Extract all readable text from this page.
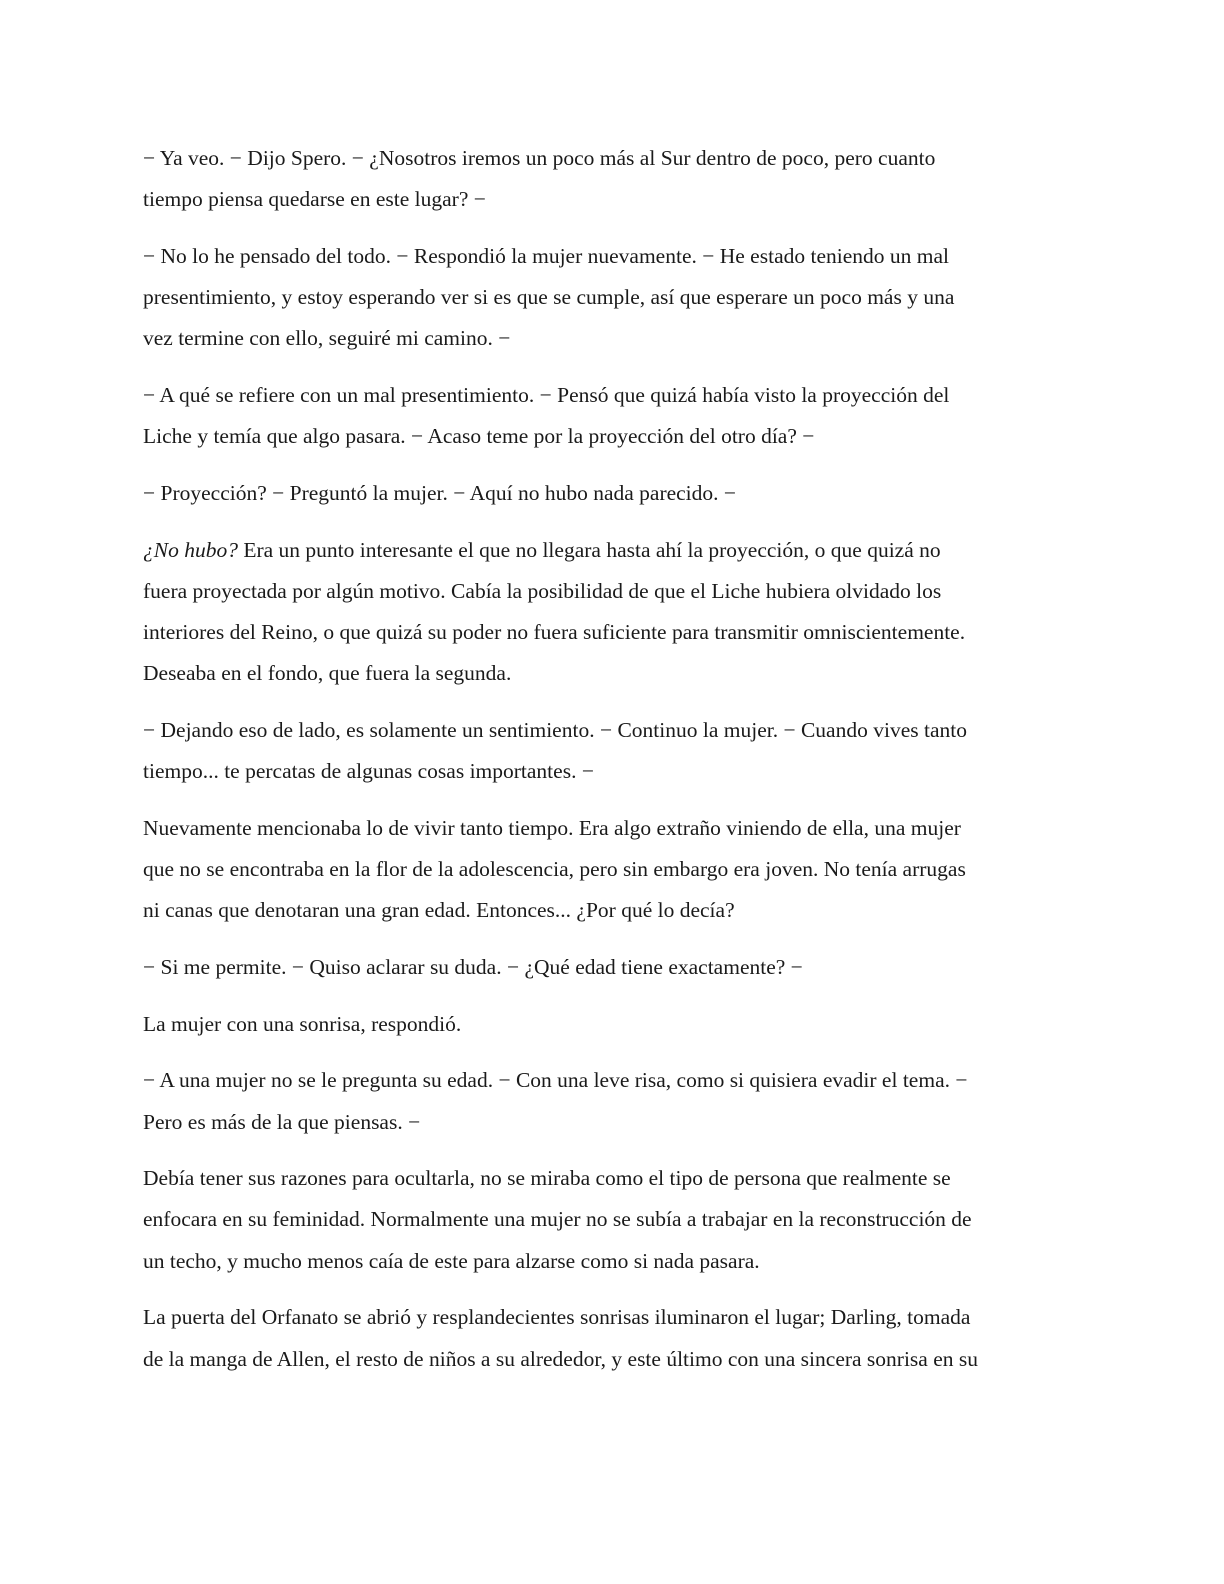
− Ya veo. − Dijo Spero. − ¿Nosotros iremos un poco más al Sur dentro de poco, pero cuanto
tiempo piensa quedarse en este lugar? −

− No lo he pensado del todo. − Respondió la mujer nuevamente. − He estado teniendo un mal
presentimiento, y estoy esperando ver si es que se cumple, así que esperare un poco más y una
vez termine con ello, seguiré mi camino. −

− A qué se refiere con un mal presentimiento. − Pensó que quizá había visto la proyección del
Liche y temía que algo pasara. − Acaso teme por la proyección del otro día? −

− Proyección? − Preguntó la mujer. − Aquí no hubo nada parecido. −

¿No hubo? Era un punto interesante el que no llegara hasta ahí la proyección, o que quizá no
fuera proyectada por algún motivo. Cabía la posibilidad de que el Liche hubiera olvidado los
interiores del Reino, o que quizá su poder no fuera suficiente para transmitir omniscientemente.
Deseaba en el fondo, que fuera la segunda.

− Dejando eso de lado, es solamente un sentimiento. − Continuo la mujer. − Cuando vives tanto
tiempo... te percatas de algunas cosas importantes. −

Nuevamente mencionaba lo de vivir tanto tiempo. Era algo extraño viniendo de ella, una mujer
que no se encontraba en la flor de la adolescencia, pero sin embargo era joven. No tenía arrugas
ni canas que denotaran una gran edad. Entonces... ¿Por qué lo decía?

− Si me permite. − Quiso aclarar su duda. − ¿Qué edad tiene exactamente? −

La mujer con una sonrisa, respondió.

− A una mujer no se le pregunta su edad. − Con una leve risa, como si quisiera evadir el tema. −
Pero es más de la que piensas. −

Debía tener sus razones para ocultarla, no se miraba como el tipo de persona que realmente se
enfocara en su feminidad. Normalmente una mujer no se subía a trabajar en la reconstrucción de
un techo, y mucho menos caía de este para alzarse como si nada pasara.

La puerta del Orfanato se abrió y resplandecientes sonrisas iluminaron el lugar; Darling, tomada
de la manga de Allen, el resto de niños a su alrededor, y este último con una sincera sonrisa en su
